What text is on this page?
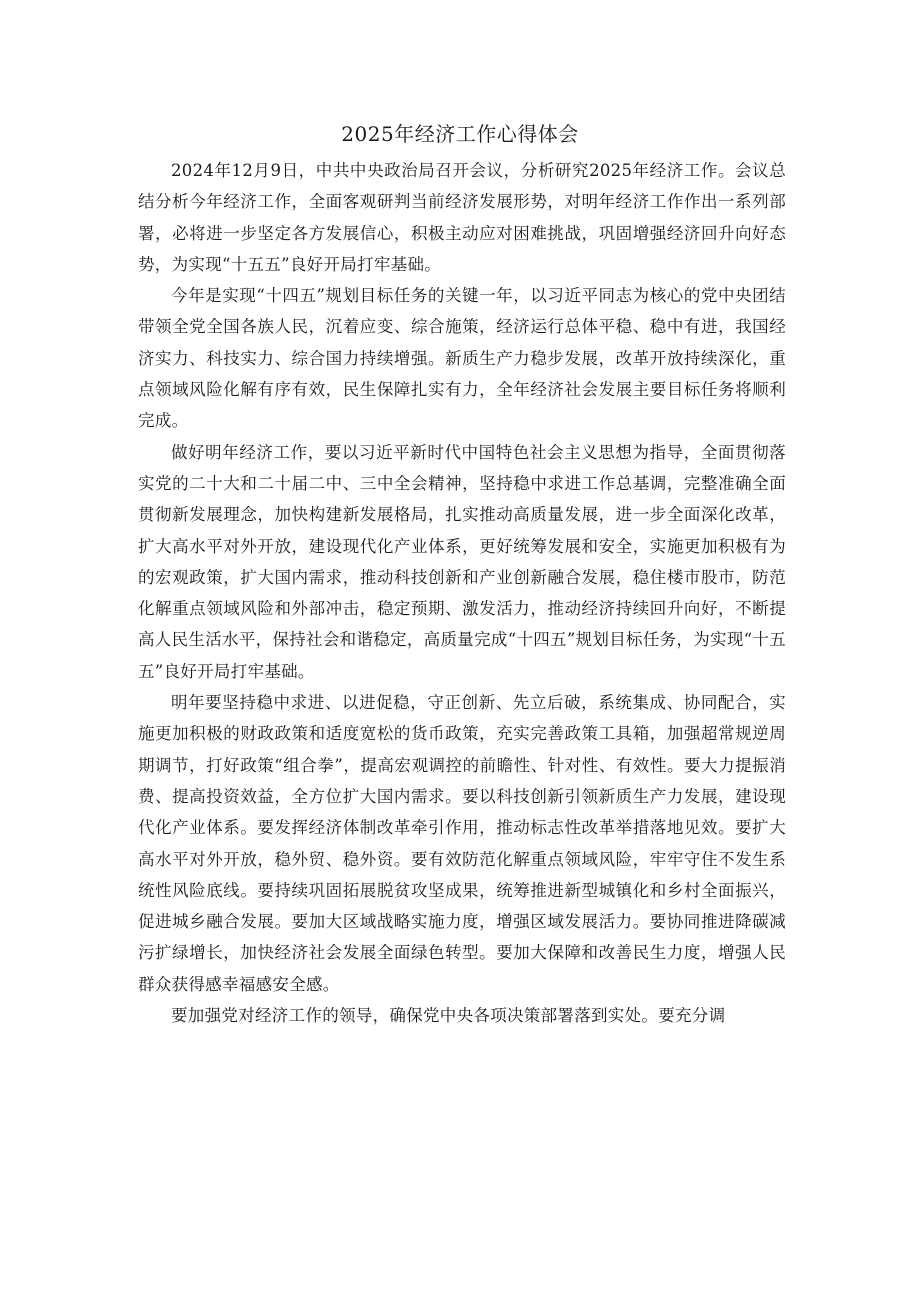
2025年经济工作心得体会

2024年12月9日，中共中央政治局召开会议，分析研究2025年经济工作。会议总结分析今年经济工作，全面客观研判当前经济发展形势，对明年经济工作作出一系列部署，必将进一步坚定各方发展信心，积极主动应对困难挑战，巩固增强经济回升向好态势，为实现“十五五”良好开局打牢基础。

今年是实现“十四五”规划目标任务的关键一年，以习近平同志为核心的党中央团结带领全党全国各族人民，沉着应变、综合施策，经济运行总体平稳、稳中有进，我国经济实力、科技实力、综合国力持续增强。新质生产力稳步发展，改革开放持续深化，重点领域风险化解有序有效，民生保障扎实有力，全年经济社会发展主要目标任务将顺利完成。

做好明年经济工作，要以习近平新时代中国特色社会主义思想为指导，全面贯彻落实党的二十大和二十届二中、三中全会精神，坚持稳中求进工作总基调，完整准确全面贯彻新发展理念，加快构建新发展格局，扎实推动高质量发展，进一步全面深化改革，扩大高水平对外开放，建设现代化产业体系，更好统筹发展和安全，实施更加积极有为的宏观政策，扩大国内需求，推动科技创新和产业创新融合发展，稳住楼市股市，防范化解重点领域风险和外部冲击，稳定预期、激发活力，推动经济持续回升向好，不断提高人民生活水平，保持社会和谐稳定，高质量完成“十四五”规划目标任务，为实现“十五五”良好开局打牢基础。

明年要坚持稳中求进、以进促稳，守正创新、先立后破，系统集成、协同配合，实施更加积极的财政政策和适度宽松的货币政策，充实完善政策工具箱，加强超常规逆周期调节，打好政策“组合拳”，提高宏观调控的前瞻性、针对性、有效性。要大力提振消费、提高投资效益，全方位扩大国内需求。要以科技创新引领新质生产力发展，建设现代化产业体系。要发挥经济体制改革牵引作用，推动标志性改革举措落地见效。要扩大高水平对外开放，稳外贸、稳外资。要有效防范化解重点领域风险，牢牢守住不发生系统性风险底线。要持续巩固拓展脱贫攻坚成果，统筹推进新型城镇化和乡村全面振兴，促进城乡融合发展。要加大区域战略实施力度，增强区域发展活力。要协同推进降碳减污扩绿增长，加快经济社会发展全面绿色转型。要加大保障和改善民生力度，增强人民群众获得感幸福感安全感。

要加强党对经济工作的领导，确保党中央各项决策部署落到实处。要充分调
